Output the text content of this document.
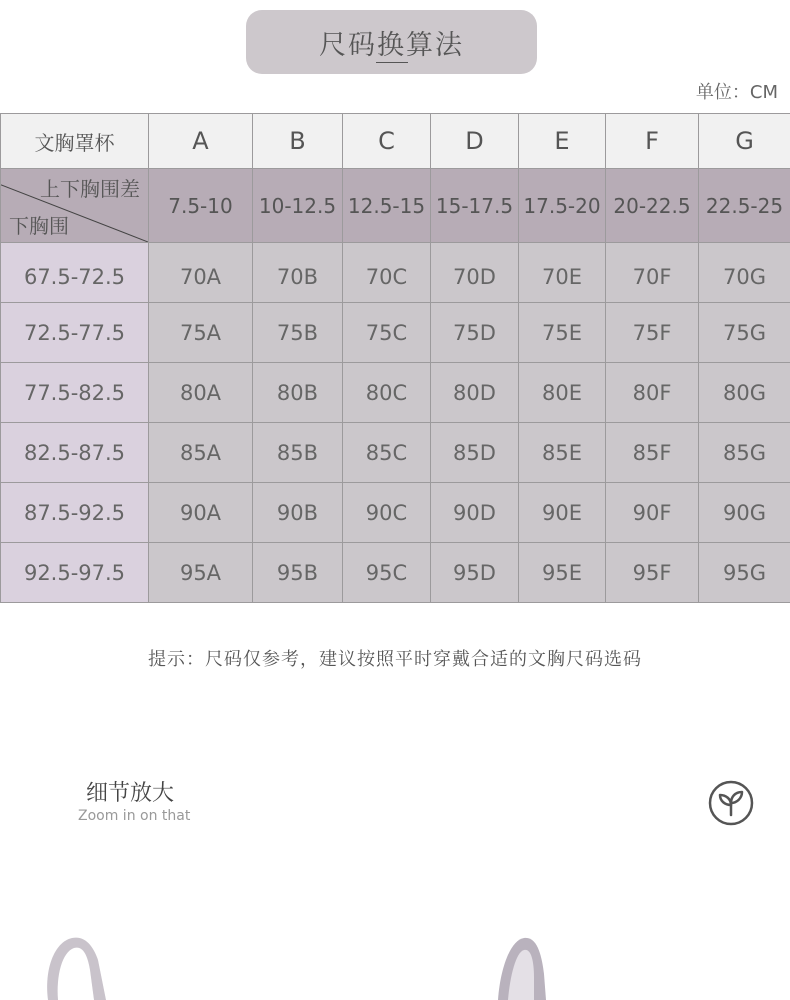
尺码换算法
单位：CM
文胸罩杯	A	B	C	D	E	F	G

上下胸围差
下胸围	7.5-10	10-12.5	12.5-15	15-17.5	17.5-20	20-22.5	22.5-25
67.5-72.5	70A	70B	70C	70D	70E	70F	70G
72.5-77.5	75A	75B	75C	75D	75E	75F	75G
77.5-82.5	80A	80B	80C	80D	80E	80F	80G
82.5-87.5	85A	85B	85C	85D	85E	85F	85G
87.5-92.5	90A	90B	90C	90D	90E	90F	90G
92.5-97.5	95A	95B	95C	95D	95E	95F	95G
提示：尺码仅参考，建议按照平时穿戴合适的文胸尺码选码
细节放大
Zoom in on that
